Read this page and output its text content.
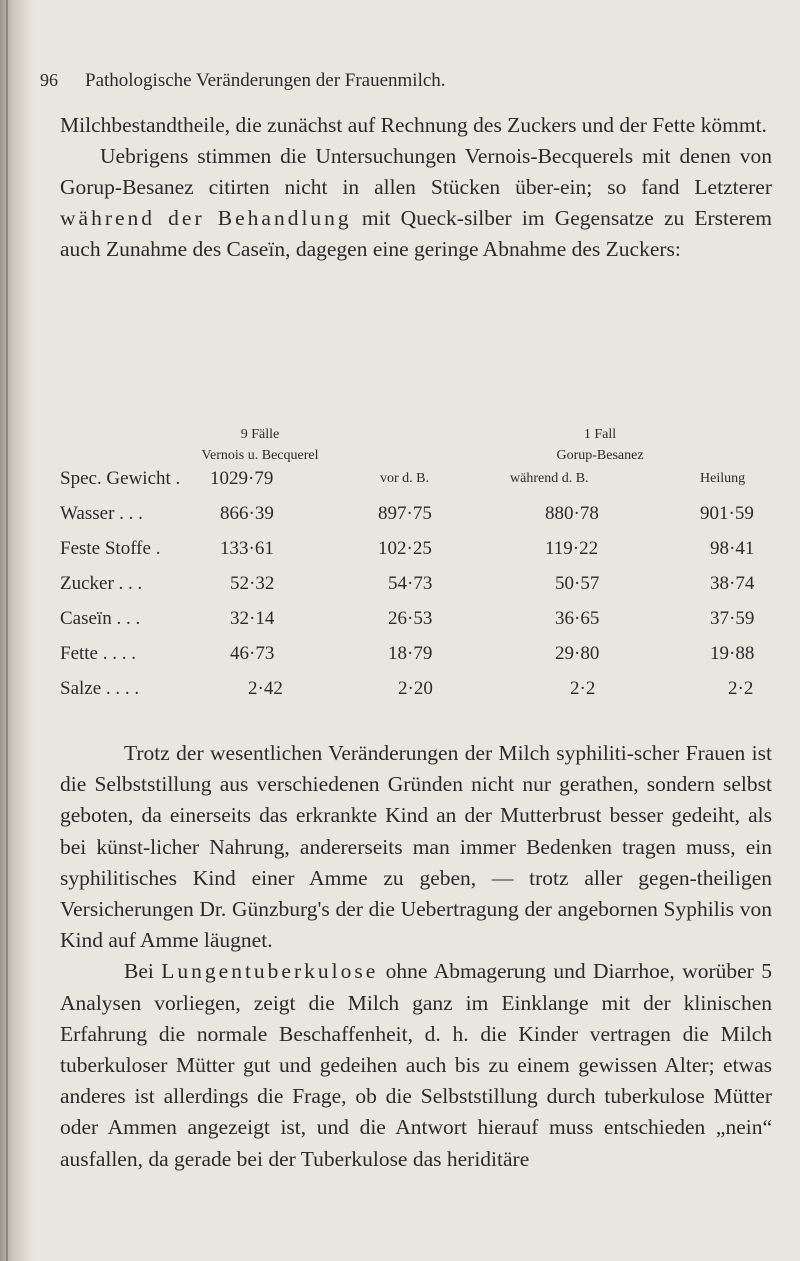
96 Pathologische Veränderungen der Frauenmilch.

Milchbestandtheile, die zunächst auf Rechnung des Zuckers und der Fette kömmt.

Uebrigens stimmen die Untersuchungen Vernois-Becquerels mit denen von Gorup-Besanez citirten nicht in allen Stücken über-ein; so fand Letzterer während der Behandlung mit Queck-silber im Gegensatze zu Ersterem auch Zunahme des Caseïn, dagegen eine geringe Abnahme des Zuckers:

9 Fälle
Vernois u. Becquerel
1 Fall
Gorup-Besanez
Spec. Gewicht . 1029·79	vor d. B.	während d. B.	Heilung
Wasser . . .	866·39	897·75	880·78	901·59
Feste Stoffe .	133·61	102·25	119·22	98·41
Zucker . . .	52·32	54·73	50·57	38·74
Caseïn . . .	32·14	26·53	36·65	37·59
Fette . . . .	46·73	18·79	29·80	19·88
Salze . . . .	2·42	2·20	2·2	2·2

Trotz der wesentlichen Veränderungen der Milch syphiliti-scher Frauen ist die Selbststillung aus verschiedenen Gründen nicht nur gerathen, sondern selbst geboten, da einerseits das erkrankte Kind an der Mutterbrust besser gedeiht, als bei künst-licher Nahrung, andererseits man immer Bedenken tragen muss, ein syphilitisches Kind einer Amme zu geben, — trotz aller gegen-theiligen Versicherungen Dr. Günzburg's der die Uebertragung der angebornen Syphilis von Kind auf Amme läugnet.

Bei Lungentuberkulose ohne Abmagerung und Diarrhoe, worüber 5 Analysen vorliegen, zeigt die Milch ganz im Einklange mit der klinischen Erfahrung die normale Beschaffenheit, d. h. die Kinder vertragen die Milch tuberkuloser Mütter gut und gedeihen auch bis zu einem gewissen Alter; etwas anderes ist allerdings die Frage, ob die Selbststillung durch tuberkulose Mütter oder Ammen angezeigt ist, und die Antwort hierauf muss entschieden „nein“ ausfallen, da gerade bei der Tuberkulose das heriditäre
